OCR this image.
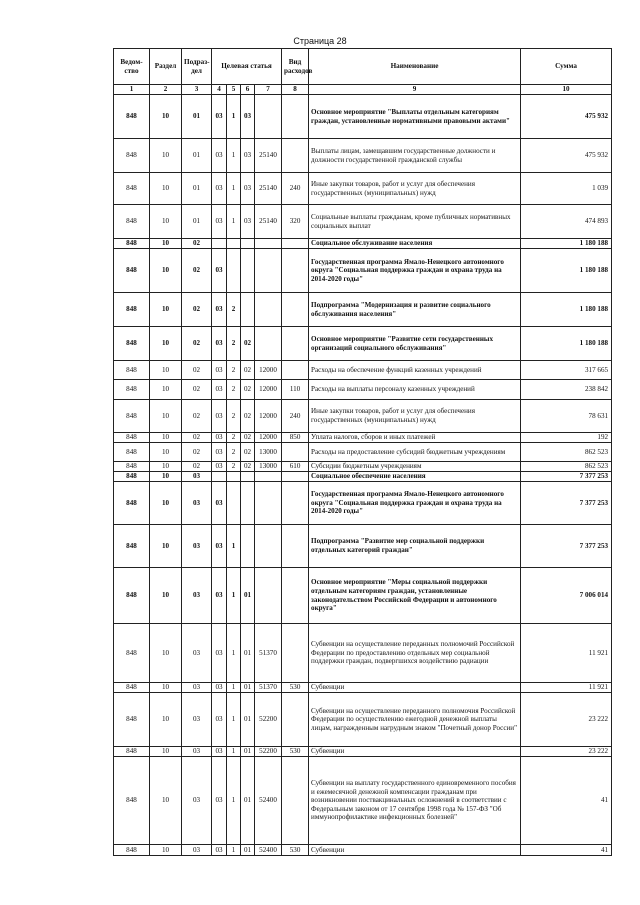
Страница 28
Ведом-ство	Раздел	Подраз-дел	Целевая статья				Вид расходов	Наименование	Сумма
1	2	3	4	5	6	7	8	9	10
848	10	01	03	1	03			Основное мероприятие "Выплаты отдельным категориям граждан, установленные нормативными правовыми актами"	475 932
848	10	01	03	1	03	25140		Выплаты лицам, замещавшим государственные должности и должности государственной гражданской службы	475 932
848	10	01	03	1	03	25140	240	Иные закупки товаров, работ и услуг для обеспечения государственных (муниципальных) нужд	1 039
848	10	01	03	1	03	25140	320	Социальные выплаты гражданам, кроме публичных нормативных социальных выплат	474 893
848	10	02						Социальное обслуживание населения	1 180 188
848	10	02	03					Государственная программа Ямало-Ненецкого автономного округа "Социальная поддержка граждан и охрана труда на 2014-2020 годы"	1 180 188
848	10	02	03	2				Подпрограмма "Модернизация и развитие социального обслуживания населения"	1 180 188
848	10	02	03	2	02			Основное мероприятие "Развитие сети государственных организаций социального обслуживания"	1 180 188
848	10	02	03	2	02	12000		Расходы на обеспечение функций казенных учреждений	317 665
848	10	02	03	2	02	12000	110	Расходы на выплаты персоналу казенных учреждений	238 842
848	10	02	03	2	02	12000	240	Иные закупки товаров, работ и услуг для обеспечения государственных (муниципальных) нужд	78 631
848	10	02	03	2	02	12000	850	Уплата налогов, сборов и иных платежей	192
848	10	02	03	2	02	13000		Расходы на предоставление субсидий бюджетным учреждениям	862 523
848	10	02	03	2	02	13000	610	Субсидии бюджетным учреждениям	862 523
848	10	03						Социальное обеспечение населения	7 377 253
848	10	03	03					Государственная программа Ямало-Ненецкого автономного округа "Социальная поддержка граждан и охрана труда на 2014-2020 годы"	7 377 253
848	10	03	03	1				Подпрограмма "Развитие мер социальной поддержки отдельных категорий граждан"	7 377 253
848	10	03	03	1	01			Основное мероприятие "Меры социальной поддержки отдельным категориям граждан, установленные законодательством Российской Федерации и автономного округа"	7 006 014
848	10	03	03	1	01	51370		Субвенции на осуществление переданных полномочий Российской Федерации по предоставлению отдельных мер социальной поддержки граждан, подвергшихся воздействию радиации	11 921
848	10	03	03	1	01	51370	530	Субвенции	11 921
848	10	03	03	1	01	52200		Субвенции на осуществление переданного полномочия Российской Федерации по осуществлению ежегодной денежной выплаты лицам, награжденным нагрудным знаком "Почетный донор России"	23 222
848	10	03	03	1	01	52200	530	Субвенции	23 222
848	10	03	03	1	01	52400		Субвенции на выплату государственного единовременного пособия и ежемесячной денежной компенсации гражданам при возникновении поствакцинальных осложнений в соответствии с Федеральным законом от 17 сентября 1998 года № 157-ФЗ "Об иммунопрофилактике инфекционных болезней"	41
848	10	03	03	1	01	52400	530	Субвенции	41
